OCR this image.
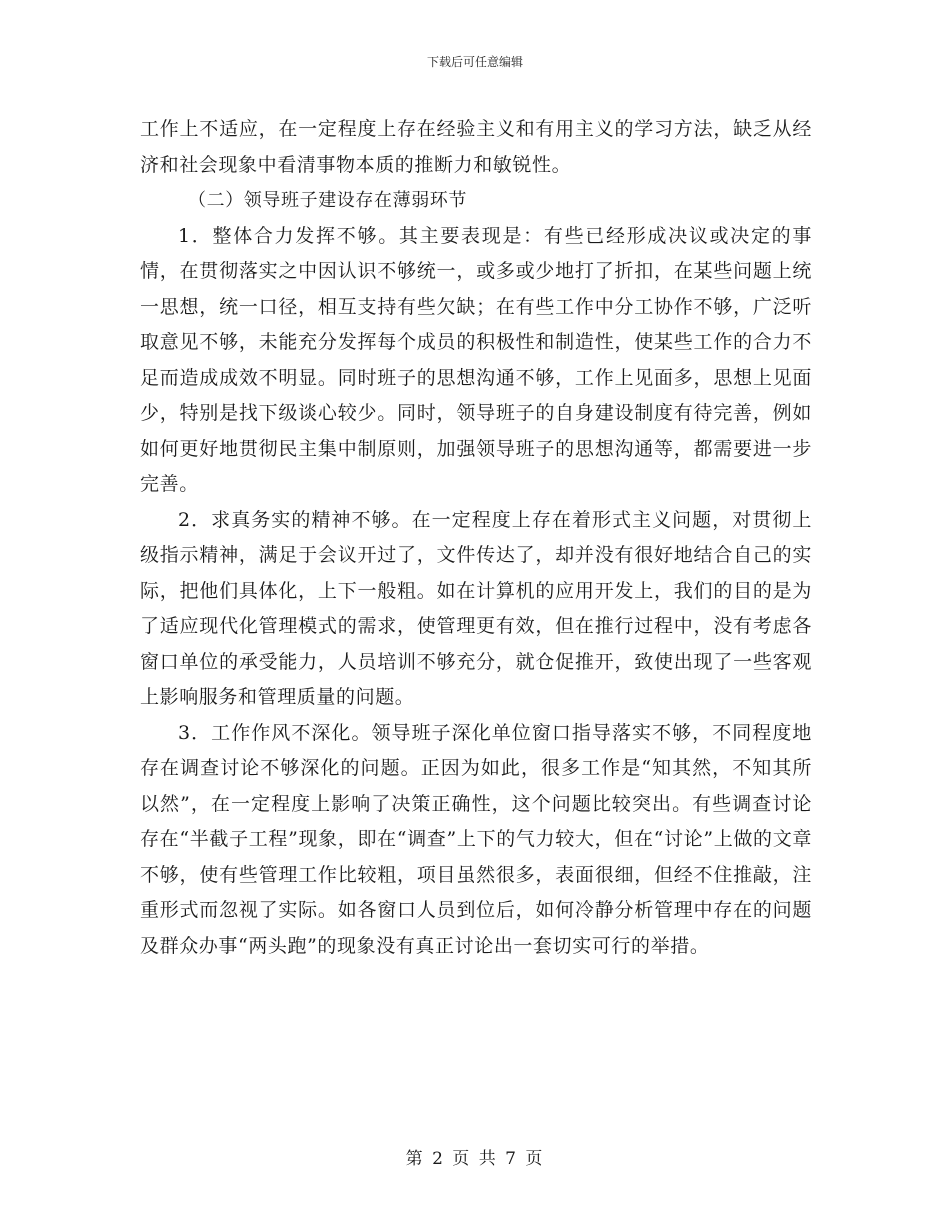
下载后可任意编辑

工作上不适应，在一定程度上存在经验主义和有用主义的学习方法，缺乏从经济和社会现象中看清事物本质的推断力和敏锐性。

（二）领导班子建设存在薄弱环节

1．整体合力发挥不够。其主要表现是：有些已经形成决议或决定的事情，在贯彻落实之中因认识不够统一，或多或少地打了折扣，在某些问题上统一思想，统一口径，相互支持有些欠缺；在有些工作中分工协作不够，广泛听取意见不够，未能充分发挥每个成员的积极性和制造性，使某些工作的合力不足而造成成效不明显。同时班子的思想沟通不够，工作上见面多，思想上见面少，特别是找下级谈心较少。同时，领导班子的自身建设制度有待完善，例如如何更好地贯彻民主集中制原则，加强领导班子的思想沟通等，都需要进一步完善。

2．求真务实的精神不够。在一定程度上存在着形式主义问题，对贯彻上级指示精神，满足于会议开过了，文件传达了，却并没有很好地结合自己的实际，把他们具体化，上下一般粗。如在计算机的应用开发上，我们的目的是为了适应现代化管理模式的需求，使管理更有效，但在推行过程中，没有考虑各窗口单位的承受能力，人员培训不够充分，就仓促推开，致使出现了一些客观上影响服务和管理质量的问题。

3．工作作风不深化。领导班子深化单位窗口指导落实不够，不同程度地存在调查讨论不够深化的问题。正因为如此，很多工作是“知其然，不知其所以然”，在一定程度上影响了决策正确性，这个问题比较突出。有些调查讨论存在“半截子工程”现象，即在“调查”上下的气力较大，但在“讨论”上做的文章不够，使有些管理工作比较粗，项目虽然很多，表面很细，但经不住推敲，注重形式而忽视了实际。如各窗口人员到位后，如何冷静分析管理中存在的问题及群众办事“两头跑”的现象没有真正讨论出一套切实可行的举措。

第 2 页 共 7 页
